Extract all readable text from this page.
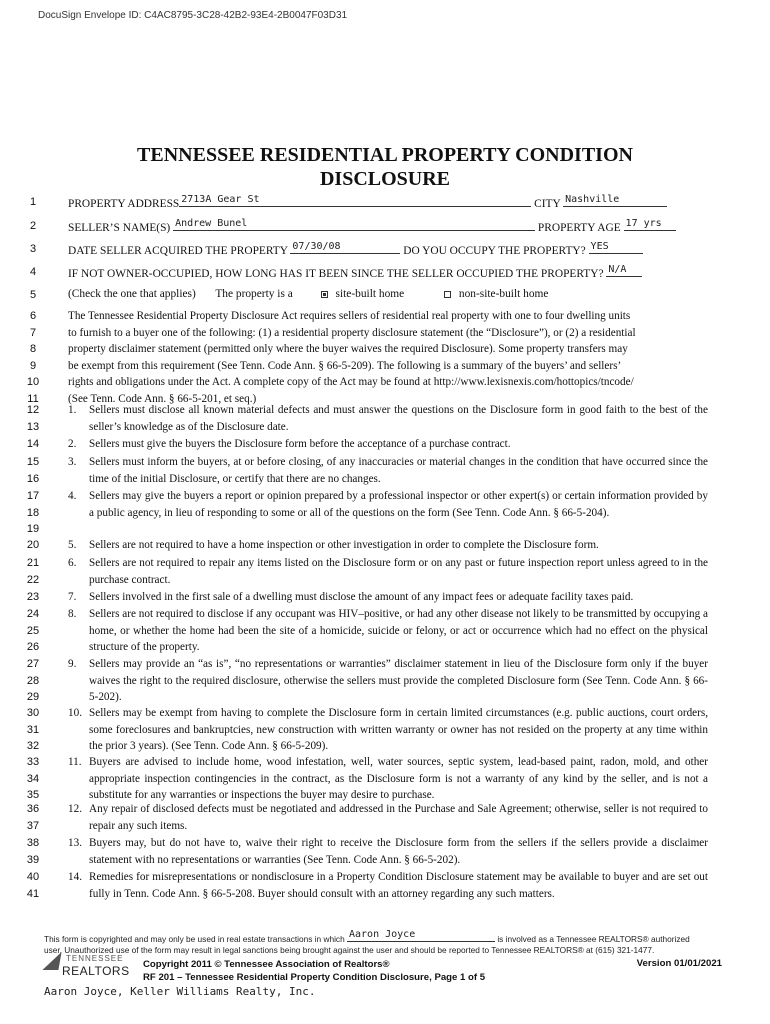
DocuSign Envelope ID: C4AC8795-3C28-42B2-93E4-2B0047F03D31
TENNESSEE RESIDENTIAL PROPERTY CONDITION
DISCLOSURE
1
2
3
4
5
PROPERTY ADDRESS 2713A Gear St	CITY Nashville
SELLER’S NAME(S) Andrew Bunel	PROPERTY AGE 17 yrs
DATE SELLER ACQUIRED THE PROPERTY 07/30/08	DO YOU OCCUPY THE PROPERTY? YES
IF NOT OWNER-OCCUPIED, HOW LONG HAS IT BEEN SINCE THE SELLER OCCUPIED THE PROPERTY? N/A
(Check the one that applies) The property is a	site-built home	non-site-built home
6
7
8
9
10
11
The Tennessee Residential Property Disclosure Act requires sellers of residential real property with one to four dwelling units
to furnish to a buyer one of the following: (1) a residential property disclosure statement (the “Disclosure”), or (2) a residential
property disclaimer statement (permitted only where the buyer waives the required Disclosure). Some property transfers may
be exempt from this requirement (See Tenn. Code Ann. § 66-5-209). The following is a summary of the buyers’ and sellers’
rights and obligations under the Act. A complete copy of the Act may be found at http://www.lexisnexis.com/hottopics/tncode/
(See Tenn. Code Ann. § 66-5-201, et seq.)
12
13
1. Sellers must disclose all known material defects and must answer the questions on the Disclosure form in good faith to the best of the seller’s knowledge as of the Disclosure date.
14	2. Sellers must give the buyers the Disclosure form before the acceptance of a purchase contract.
15
16
3. Sellers must inform the buyers, at or before closing, of any inaccuracies or material changes in the condition that have occurred since the time of the initial Disclosure, or certify that there are no changes.
17
18
19
4. Sellers may give the buyers a report or opinion prepared by a professional inspector or other expert(s) or certain information provided by a public agency, in lieu of responding to some or all of the questions on the form (See Tenn. Code Ann. § 66-5-204).
20	5. Sellers are not required to have a home inspection or other investigation in order to complete the Disclosure form.
21
22
6. Sellers are not required to repair any items listed on the Disclosure form or on any past or future inspection report unless agreed to in the purchase contract.
23	7. Sellers involved in the first sale of a dwelling must disclose the amount of any impact fees or adequate facility taxes paid.
24
25
26
8. Sellers are not required to disclose if any occupant was HIV–positive, or had any other disease not likely to be transmitted by occupying a home, or whether the home had been the site of a homicide, suicide or felony, or act or occurrence which had no effect on the physical structure of the property.
27
28
29
9. Sellers may provide an “as is”, “no representations or warranties” disclaimer statement in lieu of the Disclosure form only if the buyer waives the right to the required disclosure, otherwise the sellers must provide the completed Disclosure form (See Tenn. Code Ann. § 66-5-202).
30
31
32
10. Sellers may be exempt from having to complete the Disclosure form in certain limited circumstances (e.g. public auctions, court orders, some foreclosures and bankruptcies, new construction with written warranty or owner has not resided on the property at any time within the prior 3 years). (See Tenn. Code Ann. § 66-5-209).
33
34
35
11. Buyers are advised to include home, wood infestation, well, water sources, septic system, lead-based paint, radon, mold, and other appropriate inspection contingencies in the contract, as the Disclosure form is not a warranty of any kind by the seller, and is not a substitute for any warranties or inspections the buyer may desire to purchase.
36
37
12. Any repair of disclosed defects must be negotiated and addressed in the Purchase and Sale Agreement; otherwise, seller is not required to repair any such items.
38
39
13. Buyers may, but do not have to, waive their right to receive the Disclosure form from the sellers if the sellers provide a disclaimer statement with no representations or warranties (See Tenn. Code Ann. § 66-5-202).
40
41
14. Remedies for misrepresentations or nondisclosure in a Property Condition Disclosure statement may be available to buyer and are set out fully in Tenn. Code Ann. § 66-5-208. Buyer should consult with an attorney regarding any such matters.
This form is copyrighted and may only be used in real estate transactions in which Aaron Joyce	is involved as a Tennessee REALTORS® authorized
user. Unauthorized use of the form may result in legal sanctions being brought against the user and should be reported to Tennessee REALTORS® at (615) 321-1477.
TENNESSEE
REALTORS Copyright 2011 © Tennessee Association of Realtors®
RF 201 – Tennessee Residential Property Condition Disclosure, Page 1 of 5
Version 01/01/2021
Aaron Joyce, Keller Williams Realty, Inc.
